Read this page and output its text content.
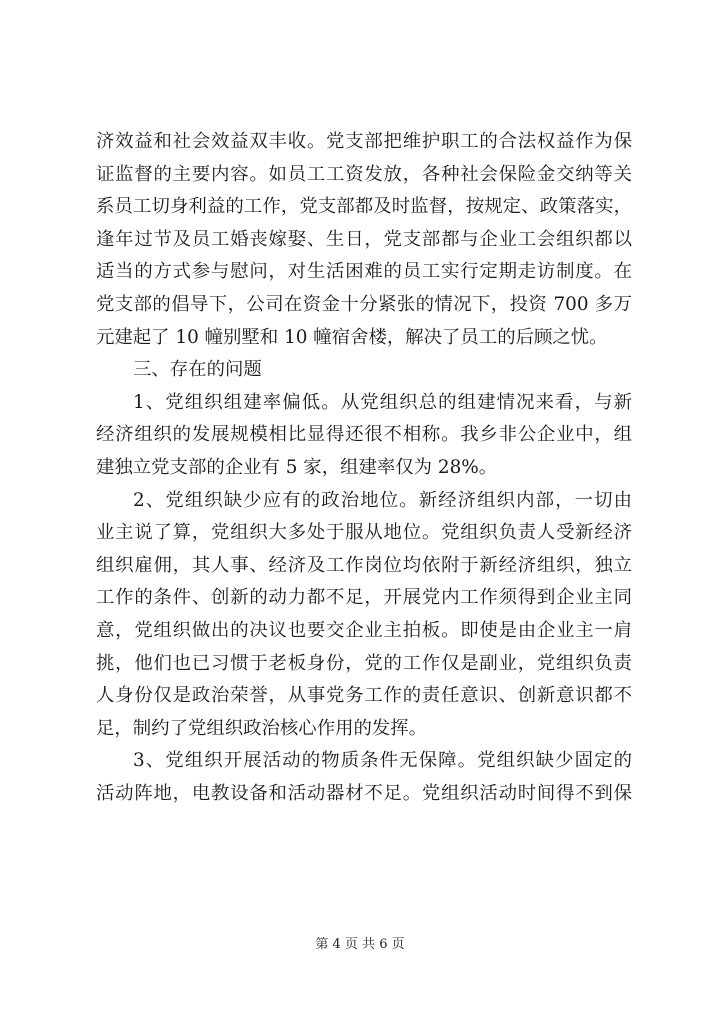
济效益和社会效益双丰收。党支部把维护职工的合法权益作为保
证监督的主要内容。如员工工资发放，各种社会保险金交纳等关
系员工切身利益的工作，党支部都及时监督，按规定、政策落实，
逢年过节及员工婚丧嫁娶、生日，党支部都与企业工会组织都以
适当的方式参与慰问，对生活困难的员工实行定期走访制度。在
党支部的倡导下，公司在资金十分紧张的情况下，投资 700 多万
元建起了 10 幢别墅和 10 幢宿舍楼，解决了员工的后顾之忧。
三、存在的问题
1、党组织组建率偏低。从党组织总的组建情况来看，与新
经济组织的发展规模相比显得还很不相称。我乡非公企业中，组
建独立党支部的企业有 5 家，组建率仅为 28%。
2、党组织缺少应有的政治地位。新经济组织内部，一切由
业主说了算，党组织大多处于服从地位。党组织负责人受新经济
组织雇佣，其人事、经济及工作岗位均依附于新经济组织，独立
工作的条件、创新的动力都不足，开展党内工作须得到企业主同
意，党组织做出的决议也要交企业主拍板。即使是由企业主一肩
挑，他们也已习惯于老板身份，党的工作仅是副业，党组织负责
人身份仅是政治荣誉，从事党务工作的责任意识、创新意识都不
足，制约了党组织政治核心作用的发挥。
3、党组织开展活动的物质条件无保障。党组织缺少固定的
活动阵地，电教设备和活动器材不足。党组织活动时间得不到保
第 4 页 共 6 页
